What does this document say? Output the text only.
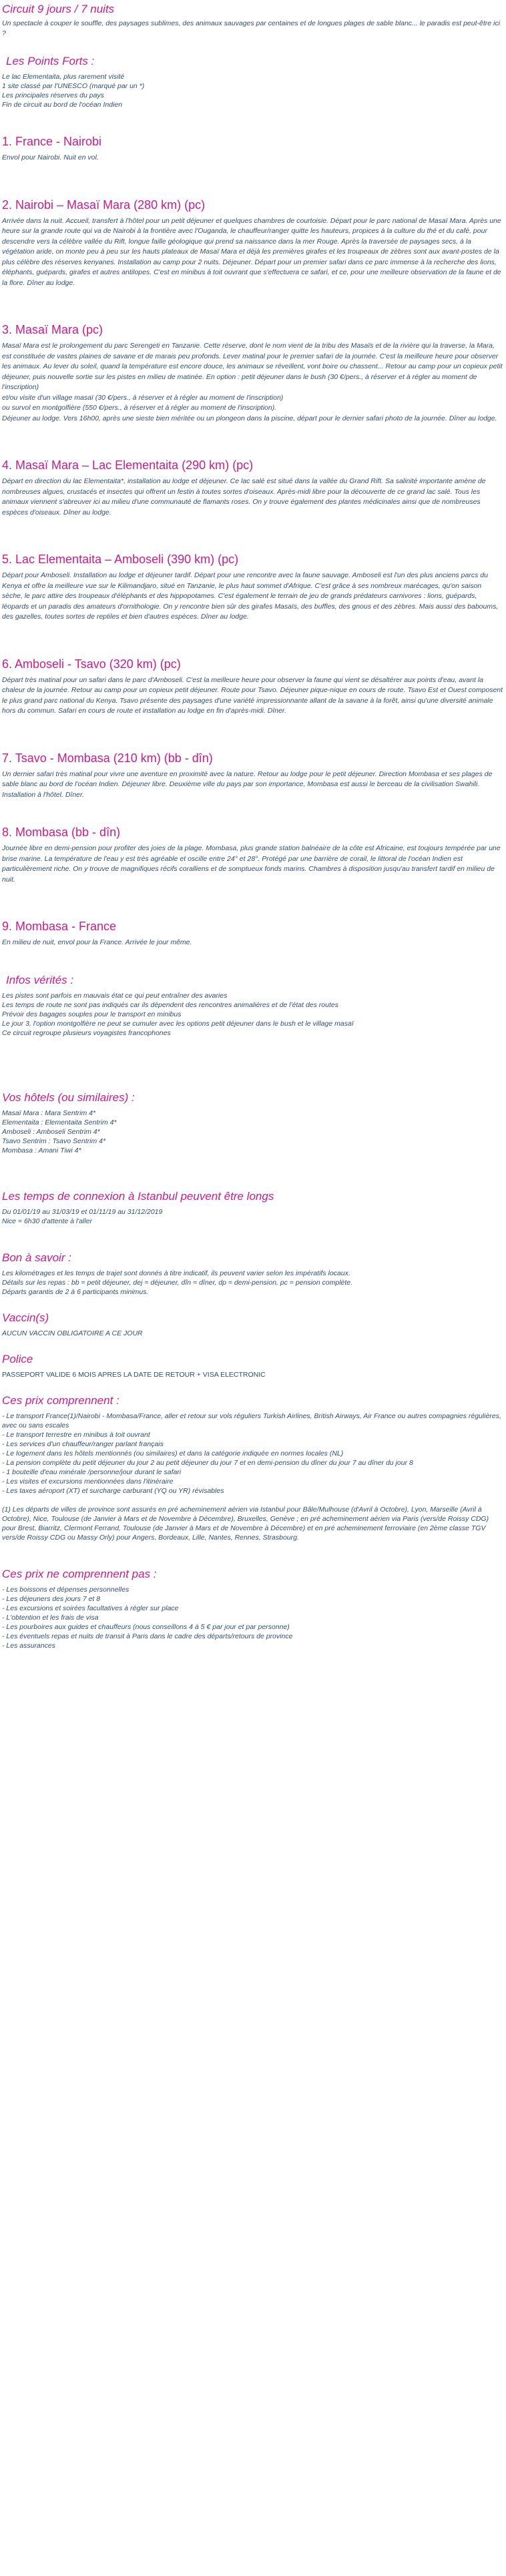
Circuit 9 jours / 7 nuits
Un spectacle à couper le souffle, des paysages sublimes, des animaux sauvages par centaines et de longues plages de sable blanc... le paradis est peut-être ici ?
Les Points Forts :
Le lac Elementaita, plus rarement visité
1 site classé par l'UNESCO (marqué par un *)
Les principales réserves du pays
Fin de circuit au bord de l'océan Indien
1. France - Nairobi

Envol pour Nairobi. Nuit en vol.

2. Nairobi – Masaï Mara (280 km) (pc)

Arrivée dans la nuit. Accueil, transfert à l'hôtel pour un petit déjeuner et quelques chambres de courtoisie. Départ pour le parc national de Masaï Mara. Après une heure sur la grande route qui va de Nairobi à la frontière avec l'Ouganda, le chauffeur/ranger quitte les hauteurs, propices à la culture du thé et du café, pour descendre vers la célèbre vallée du Rift, longue faille géologique qui prend sa naissance dans la mer Rouge. Après la traversée de paysages secs, à la végétation aride, on monte peu à peu sur les hauts plateaux de Masaï Mara et déjà les premières girafes et les troupeaux de zèbres sont aux avant-postes de la plus célèbre des réserves kenyanes. Installation au camp pour 2 nuits. Déjeuner. Départ pour un premier safari dans ce parc immense à la recherche des lions, éléphants, guépards, girafes et autres antilopes. C'est en minibus à toit ouvrant que s'effectuera ce safari, et ce, pour une meilleure observation de la faune et de la flore. Dîner au lodge.

3. Masaï Mara (pc)

Masaï Mara est le prolongement du parc Serengeti en Tanzanie. Cette réserve, dont le nom vient de la tribu des Masaïs et de la rivière qui la traverse, la Mara, est constituée de vastes plaines de savane et de marais peu profonds. Lever matinal pour le premier safari de la journée. C'est la meilleure heure pour observer les animaux. Au lever du soleil, quand la température est encore douce, les animaux se réveillent, vont boire ou chassent... Retour au camp pour un copieux petit déjeuner, puis nouvelle sortie sur les pistes en milieu de matinée. En option : petit déjeuner dans le bush (30 €/pers., à réserver et à régler au moment de l'inscription)

et/ou visite d'un village masaï (30 €/pers., à réserver et à régler au moment de l'inscription)

ou survol en montgolfière (550 €/pers., à réserver et à régler au moment de l'inscription).

Déjeuner au lodge. Vers 16h00, après une sieste bien méritée ou un plongeon dans la piscine, départ pour le dernier safari photo de la journée. Dîner au lodge.

4. Masaï Mara – Lac Elementaita (290 km) (pc)

Départ en direction du lac Elementaita*, installation au lodge et déjeuner. Ce lac salé est situé dans la vallée du Grand Rift. Sa salinité importante amène de nombreuses algues, crustacés et insectes qui offrent un festin à toutes sortes d'oiseaux. Après-midi libre pour la découverte de ce grand lac salé. Tous les animaux viennent s'abreuver ici au milieu d'une communauté de flamants roses. On y trouve également des plantes médicinales ainsi que de nombreuses espèces d'oiseaux. Dîner au lodge.

5. Lac Elementaita – Amboseli (390 km) (pc)

Départ pour Amboseli. Installation au lodge et déjeuner tardif. Départ pour une rencontre avec la faune sauvage. Amboseli est l'un des plus anciens parcs du Kenya et offre la meilleure vue sur le Kilimandjaro, situé en Tanzanie, le plus haut sommet d'Afrique. C'est grâce à ses nombreux marécages, qu'on saison sèche, le parc attire des troupeaux d'éléphants et des hippopotames. C'est également le terrain de jeu de grands prédateurs carnivores : lions, guépards, léopards et un paradis des amateurs d'ornithologie. On y rencontre bien sûr des girafes Masaïs, des buffles, des gnous et des zèbres. Mais aussi des baboums, des gazelles, toutes sortes de reptiles et bien d'autres espèces. Dîner au lodge.

6. Amboseli - Tsavo (320 km) (pc)

Départ très matinal pour un safari dans le parc d'Amboseli. C'est la meilleure heure pour observer la faune qui vient se désaltérer aux points d'eau, avant la chaleur de la journée. Retour au camp pour un copieux petit déjeuner. Route pour Tsavo. Déjeuner pique-nique en cours de route. Tsavo Est et Ouest composent le plus grand parc national du Kenya. Tsavo présente des paysages d'une variété impressionnante allant de la savane à la forêt, ainsi qu'une diversité animale hors du commun. Safari en cours de route et installation au lodge en fin d'après-midi. Dîner.

7. Tsavo - Mombasa (210 km) (bb - dîn)

Un dernier safari très matinal pour vivre une aventure en proximité avec la nature. Retour au lodge pour le petit déjeuner. Direction Mombasa et ses plages de sable blanc au bord de l'océan Indien. Déjeuner libre. Deuxième ville du pays par son importance, Mombasa est aussi le berceau de la civilisation Swahili. Installation à l'hôtel. Dîner.

8. Mombasa (bb - dîn)

Journée libre en demi-pension pour profiter des joies de la plage. Mombasa, plus grande station balnéaire de la côte est Africaine, est toujours tempérée par une brise marine. La température de l'eau y est très agréable et oscille entre 24° et 28°. Protégé par une barrière de corail, le littoral de l'océan Indien est particulièrement riche. On y trouve de magnifiques récifs coralliens et de somptueux fonds marins. Chambres à disposition jusqu'au transfert tardif en milieu de nuit.

9. Mombasa - France

En milieu de nuit, envol pour la France. Arrivée le jour même.

Infos vérités :
Les pistes sont parfois en mauvais état ce qui peut entraîner des avaries
Les temps de route ne sont pas indiqués car ils dépendent des rencontres animalières et de l'état des routes
Prévoir des bagages souples pour le transport en minibus
Le jour 3, l'option montgolfière ne peut se cumuler avec les options petit déjeuner dans le bush et le village masaï
Ce circuit regroupe plusieurs voyagistes francophones
Vos hôtels (ou similaires) :
Masaï Mara : Mara Sentrim 4*
Elementaita : Elementaita Sentrim 4*
Amboseli : Amboseli Sentrim 4*
Tsavo Sentrim : Tsavo Sentrim 4*
Mombasa : Amani Tiwi 4*
Les temps de connexion à Istanbul peuvent être longs
Du 01/01/19 au 31/03/19 et 01/11/19 au 31/12/2019
Nice = 6h30 d'attente à l'aller
Bon à savoir :
Les kilométrages et les temps de trajet sont donnés à titre indicatif, ils peuvent varier selon les impératifs locaux.
Détails sur les repas : bb = petit déjeuner, dej = déjeuner, dîn = dîner, dp = demi-pension, pc = pension complète.
Départs garantis de 2 à 6 participants minimus.
Vaccin(s)
AUCUN VACCIN OBLIGATOIRE A CE JOUR
Police
PASSEPORT VALIDE 6 MOIS APRES LA DATE DE RETOUR + VISA ELECTRONIC
Ces prix comprennent :
- Le transport France(1)/Nairobi - Mombasa/France, aller et retour sur vols réguliers Turkish Airlines, British Airways, Air France ou autres compagnies régulières, avec ou sans escales
- Le transport terrestre en minibus à toit ouvrant
- Les services d'un chauffeur/ranger parlant français
- Le logement dans les hôtels mentionnés (ou similaires) et dans la catégorie indiquée en normes locales (NL)
- La pension complète du petit déjeuner du jour 2 au petit déjeuner du jour 7 et en demi-pension du dîner du jour 7 au dîner du jour 8
- 1 bouteille d'eau minérale /personne/jour durant le safari
- Les visites et excursions mentionnées dans l'itinéraire
- Les taxes aéroport (XT) et surcharge carburant (YQ ou YR) révisables
(1) Les départs de villes de province sont assurés en pré acheminement aérien via Istanbul pour Bâle/Mulhouse (d'Avril à Octobre), Lyon, Marseille (Avril à Octobre), Nice, Toulouse (de Janvier à Mars et de Novembre à Décembre), Bruxelles, Genève ; en pré acheminement aérien via Paris (vers/de Roissy CDG) pour Brest, Biarritz, Clermont Ferrand, Toulouse (de Janvier à Mars et de Novembre à Décembre) et en pré acheminement ferroviaire (en 2ème classe TGV vers/de Roissy CDG ou Massy Orly) pour Angers, Bordeaux, Lille, Nantes, Rennes, Strasbourg.
Ces prix ne comprennent pas :
- Les boissons et dépenses personnelles
- Les déjeuners des jours 7 et 8
- Les excursions et soirées facultatives à régler sur place
- L'obtention et les frais de visa
- Les pourboires aux guides et chauffeurs (nous conseillons 4 à 5 € par jour et par personne)
- Les éventuels repas et nuits de transit à Paris dans le cadre des départs/retours de province
- Les assurances
